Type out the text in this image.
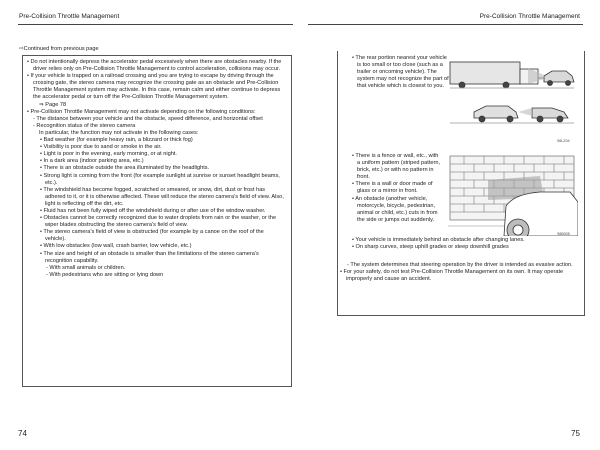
Pre-Collision Throttle Management	Pre-Collision Throttle Management
⇨Continued from previous page

• Do not intentionally depress the accelerator pedal excessively when there are obstacles nearby. If the driver relies only on Pre-Collision Throttle Management to control acceleration, collisions may occur.

• If your vehicle is trapped on a railroad crossing and you are trying to escape by driving through the crossing gate, the stereo camera may recognize the crossing gate as an obstacle and Pre-Collision Throttle Management system may activate. In this case, remain calm and either continue to depress the accelerator pedal or turn off the Pre-Collision Throttle Management system.

⇒ Page 78

• Pre-Collision Throttle Management may not activate depending on the following conditions:

- The distance between your vehicle and the obstacle, speed difference, and horizontal offset

- Recognition status of the stereo camera

In particular, the function may not activate in the following cases:

• Bad weather (for example heavy rain, a blizzard or thick fog)

• Visibility is poor due to sand or smoke in the air.

• Light is poor in the evening, early morning, or at night.

• In a dark area (indoor parking area, etc.)

• There is an obstacle outside the area illuminated by the headlights.

• Strong light is coming from the front (for example sunlight at sunrise or sunset headlight beams, etc.).

• The windshield has become fogged, scratched or smeared, or snow, dirt, dust or frost has adhered to it, or it is otherwise affected. These will reduce the stereo camera’s field of view. Also, light is reflecting off the dirt, etc.

• Fluid has not been fully wiped off the windshield during or after use of the window washer.

• Obstacles cannot be correctly recognized due to water droplets from rain or the washer, or the wiper blades obstructing the stereo camera’s field of view.

• The stereo camera’s field of view is obstructed (for example by a canoe on the roof of the vehicle).

• With low obstacles (low wall, crash barrier, low vehicle, etc.)

• The size and height of an obstacle is smaller than the limitations of the stereo camera’s recognition capability.

- With small animals or children.

- With pedestrians who are sitting or lying down

• The rear portion nearest your vehicle is too small or too close (such as a trailer or oncoming vehicle). The system may not recognize the part of that vehicle which is closest to you.
S6LZ04

• There is a fence or wall, etc., with a uniform pattern (striped pattern, brick, etc.) or with no pattern in front.

• There is a wall or door made of glass or a mirror in front.

• An obstacle (another vehicle, motorcycle, bicycle, pedestrian, animal or child, etc.) cuts in from the side or jumps out suddenly.

S6B005

• Your vehicle is immediately behind an obstacle after changing lanes.

• On sharp curves, steep uphill grades or steep downhill grades

- The system determines that steering operation by the driver is intended as evasive action.

• For your safety, do not test Pre-Collision Throttle Management on its own. It may operate improperly and cause an accident.

74	75
